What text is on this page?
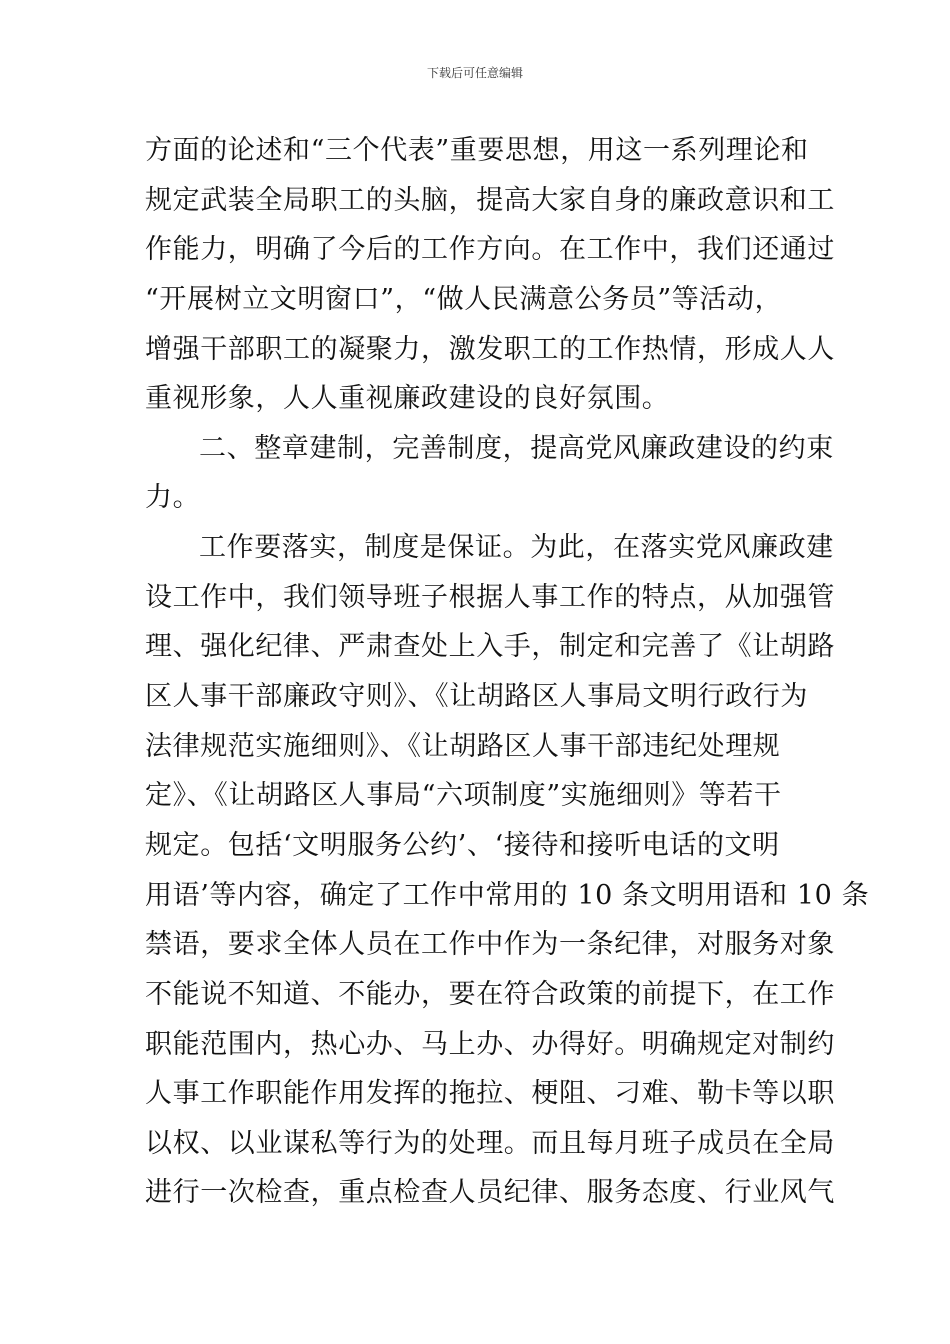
下载后可任意编辑
方面的论述和“三个代表”重要思想，用这一系列理论和
规定武装全局职工的头脑，提高大家自身的廉政意识和工
作能力，明确了今后的工作方向。在工作中，我们还通过
“开展树立文明窗口”，“做人民满意公务员”等活动，
增强干部职工的凝聚力，激发职工的工作热情，形成人人
重视形象，人人重视廉政建设的良好氛围。
二、整章建制，完善制度，提高党风廉政建设的约束
力。
工作要落实，制度是保证。为此，在落实党风廉政建
设工作中，我们领导班子根据人事工作的特点，从加强管
理、强化纪律、严肃查处上入手，制定和完善了《让胡路
区人事干部廉政守则》、《让胡路区人事局文明行政行为
法律规范实施细则》、《让胡路区人事干部违纪处理规
定》、《让胡路区人事局“六项制度”实施细则》等若干
规定。包括‘文明服务公约’、‘接待和接听电话的文明
用语’等内容，确定了工作中常用的 10 条文明用语和 10 条
禁语，要求全体人员在工作中作为一条纪律，对服务对象
不能说不知道、不能办，要在符合政策的前提下，在工作
职能范围内，热心办、马上办、办得好。明确规定对制约
人事工作职能作用发挥的拖拉、梗阻、刁难、勒卡等以职
以权、以业谋私等行为的处理。而且每月班子成员在全局
进行一次检查，重点检查人员纪律、服务态度、行业风气
